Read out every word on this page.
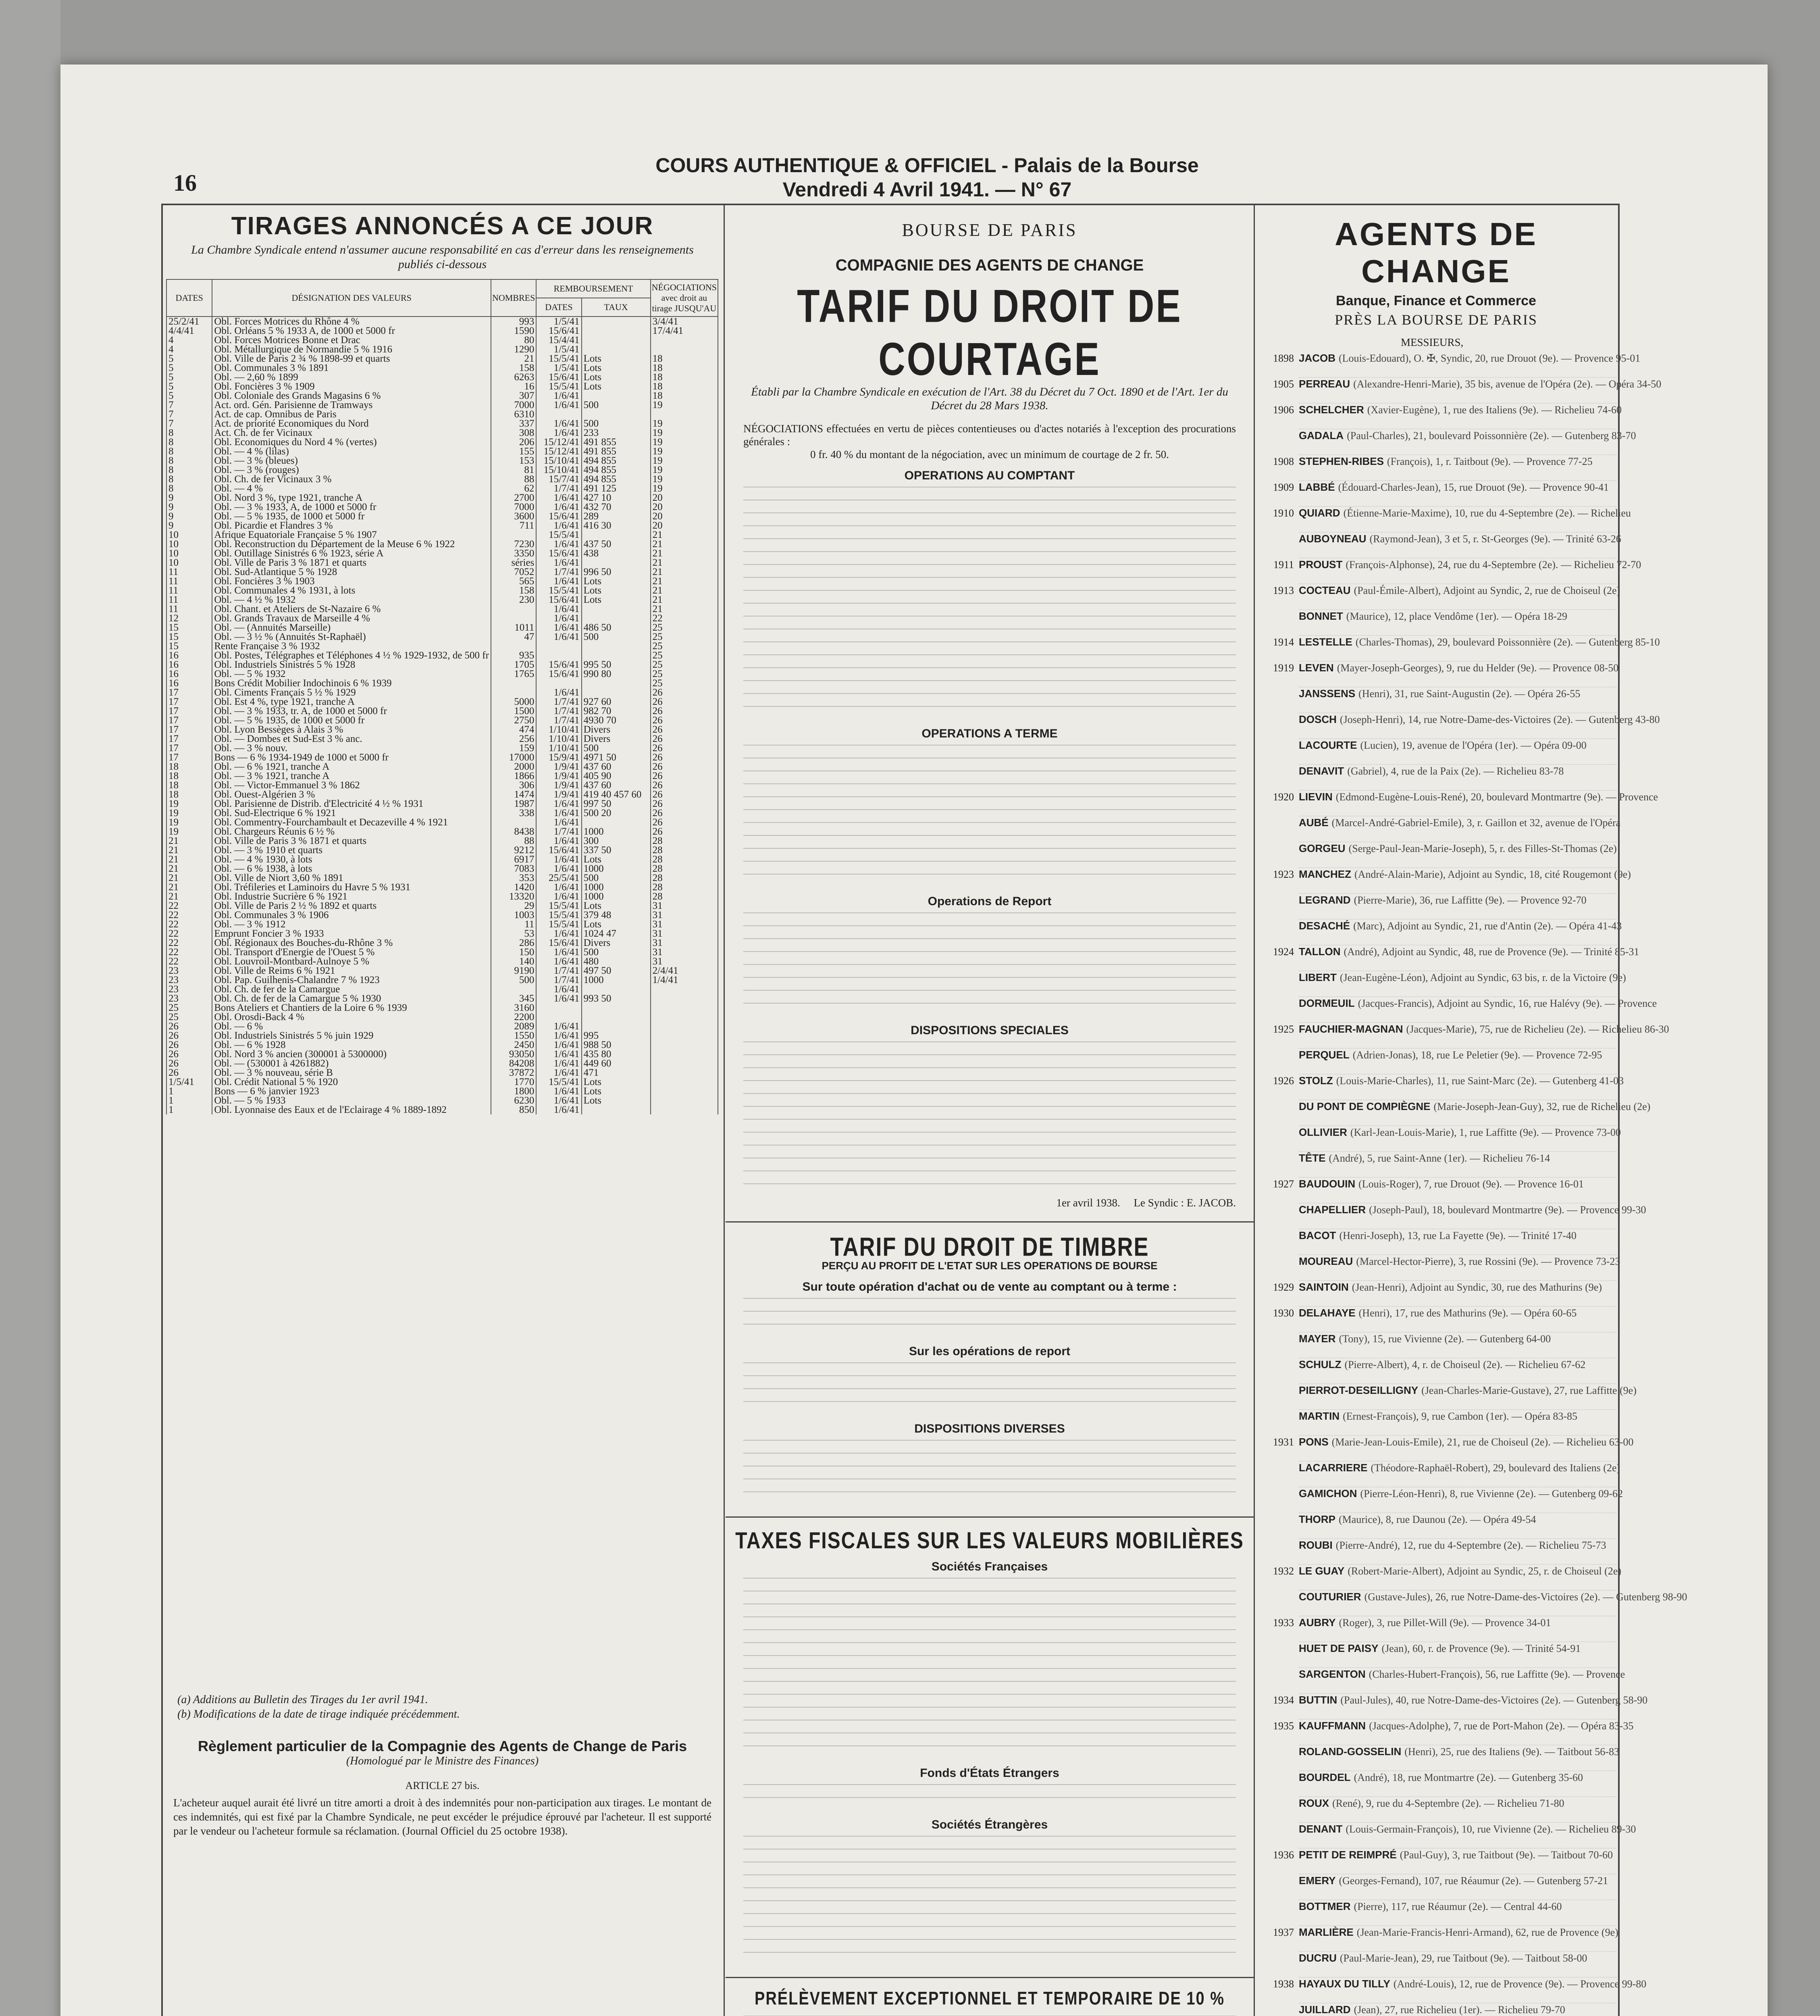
16
COURS AUTHENTIQUE & OFFICIEL - Palais de la Bourse
Vendredi 4 Avril 1941. — N° 67
TIRAGES ANNONCÉS A CE JOUR
La Chambre Syndicale entend n'assumer aucune responsabilité en cas d'erreur dans les renseignements publiés ci-dessous
DATES	DÉSIGNATION DES VALEURS	NOMBRES	REMBOURSEMENT		NÉGOCIATIONS avec droit au tirage JUSQU'AU
			DATES	TAUX	
25/2/41	Obl. Forces Motrices du Rhône 4 %	993	1/5/41		3/4/41
4/4/41	Obl. Orléans 5 % 1933 A, de 1000 et 5000 fr	1590	15/6/41		17/4/41
4	Obl. Forces Motrices Bonne et Drac	80	15/4/41		
4	Obl. Métallurgique de Normandie 5 % 1916	1290	1/5/41		
5	Obl. Ville de Paris 2 ¾ % 1898-99 et quarts	21	15/5/41	Lots	18
5	Obl. Communales 3 % 1891	158	1/5/41	Lots	18
5	Obl. — 2,60 % 1899	6263	15/6/41	Lots	18
5	Obl. Foncières 3 % 1909	16	15/5/41	Lots	18
5	Obl. Coloniale des Grands Magasins 6 %	307	1/6/41		18
7	Act. ord. Gén. Parisienne de Tramways	7000	1/6/41	500	19
7	Act. de cap. Omnibus de Paris	6310			
7	Act. de priorité Economiques du Nord	337	1/6/41	500	19
8	Act. Ch. de fer Vicinaux	308	1/6/41	233	19
8	Obl. Economiques du Nord 4 % (vertes)	206	15/12/41	491 855	19
8	Obl. — 4 % (lilas)	155	15/12/41	491 855	19
8	Obl. — 3 % (bleues)	153	15/10/41	494 855	19
8	Obl. — 3 % (rouges)	81	15/10/41	494 855	19
8	Obl. Ch. de fer Vicinaux 3 %	88	15/7/41	494 855	19
8	Obl. — 4 %	62	1/7/41	491 125	19
9	Obl. Nord 3 %, type 1921, tranche A	2700	1/6/41	427 10	20
9	Obl. — 3 % 1933, A, de 1000 et 5000 fr	7000	1/6/41	432 70	20
9	Obl. — 5 % 1935, de 1000 et 5000 fr	3600	15/6/41	289	20
9	Obl. Picardie et Flandres 3 %	711	1/6/41	416 30	20
10	Afrique Equatoriale Française 5 % 1907		15/5/41		21
10	Obl. Reconstruction du Département de la Meuse 6 % 1922	7230	1/6/41	437 50	21
10	Obl. Outillage Sinistrés 6 % 1923, série A	3350	15/6/41	438	21
10	Obl. Ville de Paris 3 % 1871 et quarts	séries	1/6/41		21
11	Obl. Sud-Atlantique 5 % 1928	7052	1/7/41	996 50	21
11	Obl. Foncières 3 % 1903	565	1/6/41	Lots	21
11	Obl. Communales 4 % 1931, à lots	158	15/5/41	Lots	21
11	Obl. — 4 ½ % 1932	230	15/6/41	Lots	21
11	Obl. Chant. et Ateliers de St-Nazaire 6 %		1/6/41		21
12	Obl. Grands Travaux de Marseille 4 %		1/6/41		22
15	Obl. — (Annuités Marseille)	1011	1/6/41	486 50	25
15	Obl. — 3 ½ % (Annuités St-Raphaël)	47	1/6/41	500	25
15	Rente Française 3 % 1932				25
16	Obl. Postes, Télégraphes et Téléphones 4 ½ % 1929-1932, de 500 fr	935			25
16	Obl. Industriels Sinistrés 5 % 1928	1705	15/6/41	995 50	25
16	Obl. — 5 % 1932	1765	15/6/41	990 80	25
16	Bons Crédit Mobilier Indochinois 6 % 1939				25
17	Obl. Ciments Français 5 ½ % 1929		1/6/41		26
17	Obl. Est 4 %, type 1921, tranche A	5000	1/7/41	927 60	26
17	Obl. — 3 % 1933, tr. A, de 1000 et 5000 fr	1500	1/7/41	982 70	26
17	Obl. — 5 % 1935, de 1000 et 5000 fr	2750	1/7/41	4930 70	26
17	Obl. Lyon Bessèges à Alais 3 %	474	1/10/41	Divers	26
17	Obl. — Dombes et Sud-Est 3 % anc.	256	1/10/41	Divers	26
17	Obl. — 3 % nouv.	159	1/10/41	500	26
17	Bons — 6 % 1934-1949 de 1000 et 5000 fr	17000	15/9/41	4971 50	26
18	Obl. — 6 % 1921, tranche A	2000	1/9/41	437 60	26
18	Obl. — 3 % 1921, tranche A	1866	1/9/41	405 90	26
18	Obl. — Victor-Emmanuel 3 % 1862	306	1/9/41	437 60	26
18	Obl. Ouest-Algérien 3 %	1474	1/9/41	419 40 457 60	26
19	Obl. Parisienne de Distrib. d'Electricité 4 ½ % 1931	1987	1/6/41	997 50	26
19	Obl. Sud-Electrique 6 % 1921	338	1/6/41	500 20	26
19	Obl. Commentry-Fourchambault et Decazeville 4 % 1921		1/6/41		26
19	Obl. Chargeurs Réunis 6 ½ %	8438	1/7/41	1000	26
21	Obl. Ville de Paris 3 % 1871 et quarts	88	1/6/41	300	28
21	Obl. — 3 % 1910 et quarts	9212	15/6/41	337 50	28
21	Obl. — 4 % 1930, à lots	6917	1/6/41	Lots	28
21	Obl. — 6 % 1938, à lots	7083	1/6/41	1000	28
21	Obl. Ville de Niort 3,60 % 1891	353	25/5/41	500	28
21	Obl. Tréfileries et Laminoirs du Havre 5 % 1931	1420	1/6/41	1000	28
21	Obl. Industrie Sucrière 6 % 1921	13320	1/6/41	1000	28
22	Obl. Ville de Paris 2 ½ % 1892 et quarts	29	15/5/41	Lots	31
22	Obl. Communales 3 % 1906	1003	15/5/41	379 48	31
22	Obl. — 3 % 1912	11	15/5/41	Lots	31
22	Emprunt Foncier 3 % 1933	53	1/6/41	1024 47	31
22	Obl. Régionaux des Bouches-du-Rhône 3 %	286	15/6/41	Divers	31
22	Obl. Transport d'Energie de l'Ouest 5 %	150	1/6/41	500	31
22	Obl. Louvroil-Montbard-Aulnoye 5 %	140	1/6/41	480	31
23	Obl. Ville de Reims 6 % 1921	9190	1/7/41	497 50	2/4/41
23	Obl. Pap. Guilhenis-Chalandre 7 % 1923	500	1/7/41	1000	1/4/41
23	Obl. Ch. de fer de la Camargue		1/6/41		
23	Obl. Ch. de fer de la Camargue 5 % 1930	345	1/6/41	993 50	
25	Bons Ateliers et Chantiers de la Loire 6 % 1939	3160			
25	Obl. Orosdi-Back 4 %	2200			
26	Obl. — 6 %	2089	1/6/41		
26	Obl. Industriels Sinistrés 5 % juin 1929	1550	1/6/41	995	
26	Obl. — 6 % 1928	2450	1/6/41	988 50	
26	Obl. Nord 3 % ancien (300001 à 5300000)	93050	1/6/41	435 80	
26	Obl. — (530001 à 4261882)	84208	1/6/41	449 60	
26	Obl. — 3 % nouveau, série B	37872	1/6/41	471	
1/5/41	Obl. Crédit National 5 % 1920	1770	15/5/41	Lots	
1	Bons — 6 % janvier 1923	1800	1/6/41	Lots	
1	Obl. — 5 % 1933	6230	1/6/41	Lots	
1	Obl. Lyonnaise des Eaux et de l'Eclairage 4 % 1889-1892	850	1/6/41		
(a) Additions au Bulletin des Tirages du 1er avril 1941.
(b) Modifications de la date de tirage indiquée précédemment.
Règlement particulier de la Compagnie des Agents de Change de Paris
(Homologué par le Ministre des Finances)
ARTICLE 27 bis.
L'acheteur auquel aurait été livré un titre amorti a droit à des indemnités pour non-participation aux tirages. Le montant de ces indemnités, qui est fixé par la Chambre Syndicale, ne peut excéder le préjudice éprouvé par l'acheteur. Il est supporté par le vendeur ou l'acheteur formule sa réclamation. (Journal Officiel du 25 octobre 1938).
BOURSE DE PARIS
COMPAGNIE DES AGENTS DE CHANGE
TARIF DU DROIT DE COURTAGE
Établi par la Chambre Syndicale en exécution de l'Art. 38 du Décret du 7 Oct. 1890 et de l'Art. 1er du Décret du 28 Mars 1938.
NÉGOCIATIONS effectuées en vertu de pièces contentieuses ou d'actes notariés à l'exception des procurations générales :
0 fr. 40 % du montant de la négociation, avec un minimum de courtage de 2 fr. 50.
OPERATIONS AU COMPTANT
OPERATIONS A TERME
Operations de Report
DISPOSITIONS SPECIALES
1er avril 1938. Le Syndic : E. JACOB.
TARIF DU DROIT DE TIMBRE
PERÇU AU PROFIT DE L'ETAT SUR LES OPERATIONS DE BOURSE
Sur toute opération d'achat ou de vente au comptant ou à terme :
Sur les opérations de report
DISPOSITIONS DIVERSES
TAXES FISCALES SUR LES VALEURS MOBILIÈRES
Sociétés Françaises
Fonds d'États Étrangers
Sociétés Étrangères
PRÉLÈVEMENT EXCEPTIONNEL ET TEMPORAIRE DE 10 %
AGENTS DE CHANGE
Banque, Finance et Commerce
PRÈS LA BOURSE DE PARIS
MESSIEURS,
1898 JACOB (Louis-Edouard), O. ✠, Syndic, 20, rue Drouot (9e). — Provence 95-01
1905 PERREAU (Alexandre-Henri-Marie), 35 bis, avenue de l'Opéra (2e). — Opéra 34-50
1906 SCHELCHER (Xavier-Eugène), 1, rue des Italiens (9e). — Richelieu 74-60
GADALA (Paul-Charles), 21, boulevard Poissonnière (2e). — Gutenberg 83-70
1908 STEPHEN-RIBES (François), 1, r. Taitbout (9e). — Provence 77-25
1909 LABBÉ (Édouard-Charles-Jean), 15, rue Drouot (9e). — Provence 90-41
1910 QUIARD (Étienne-Marie-Maxime), 10, rue du 4-Septembre (2e). — Richelieu
AUBOYNEAU (Raymond-Jean), 3 et 5, r. St-Georges (9e). — Trinité 63-26
1911 PROUST (François-Alphonse), 24, rue du 4-Septembre (2e). — Richelieu 72-70
1913 COCTEAU (Paul-Émile-Albert), Adjoint au Syndic, 2, rue de Choiseul (2e)
BONNET (Maurice), 12, place Vendôme (1er). — Opéra 18-29
1914 LESTELLE (Charles-Thomas), 29, boulevard Poissonnière (2e). — Gutenberg 85-10
1919 LEVEN (Mayer-Joseph-Georges), 9, rue du Helder (9e). — Provence 08-50
JANSSENS (Henri), 31, rue Saint-Augustin (2e). — Opéra 26-55
DOSCH (Joseph-Henri), 14, rue Notre-Dame-des-Victoires (2e). — Gutenberg 43-80
LACOURTE (Lucien), 19, avenue de l'Opéra (1er). — Opéra 09-00
DENAVIT (Gabriel), 4, rue de la Paix (2e). — Richelieu 83-78
1920 LIEVIN (Edmond-Eugène-Louis-René), 20, boulevard Montmartre (9e). — Provence
AUBÉ (Marcel-André-Gabriel-Emile), 3, r. Gaillon et 32, avenue de l'Opéra
GORGEU (Serge-Paul-Jean-Marie-Joseph), 5, r. des Filles-St-Thomas (2e)
1923 MANCHEZ (André-Alain-Marie), Adjoint au Syndic, 18, cité Rougemont (9e)
LEGRAND (Pierre-Marie), 36, rue Laffitte (9e). — Provence 92-70
DESACHÉ (Marc), Adjoint au Syndic, 21, rue d'Antin (2e). — Opéra 41-43
1924 TALLON (André), Adjoint au Syndic, 48, rue de Provence (9e). — Trinité 85-31
LIBERT (Jean-Eugène-Léon), Adjoint au Syndic, 63 bis, r. de la Victoire (9e)
DORMEUIL (Jacques-Francis), Adjoint au Syndic, 16, rue Halévy (9e). — Provence
1925 FAUCHIER-MAGNAN (Jacques-Marie), 75, rue de Richelieu (2e). — Richelieu 86-30
PERQUEL (Adrien-Jonas), 18, rue Le Peletier (9e). — Provence 72-95
1926 STOLZ (Louis-Marie-Charles), 11, rue Saint-Marc (2e). — Gutenberg 41-03
DU PONT DE COMPIÈGNE (Marie-Joseph-Jean-Guy), 32, rue de Richelieu (2e)
OLLIVIER (Karl-Jean-Louis-Marie), 1, rue Laffitte (9e). — Provence 73-00
TÊTE (André), 5, rue Saint-Anne (1er). — Richelieu 76-14
1927 BAUDOUIN (Louis-Roger), 7, rue Drouot (9e). — Provence 16-01
CHAPELLIER (Joseph-Paul), 18, boulevard Montmartre (9e). — Provence 99-30
BACOT (Henri-Joseph), 13, rue La Fayette (9e). — Trinité 17-40
MOUREAU (Marcel-Hector-Pierre), 3, rue Rossini (9e). — Provence 73-23
1929 SAINTOIN (Jean-Henri), Adjoint au Syndic, 30, rue des Mathurins (9e)
1930 DELAHAYE (Henri), 17, rue des Mathurins (9e). — Opéra 60-65
MAYER (Tony), 15, rue Vivienne (2e). — Gutenberg 64-00
SCHULZ (Pierre-Albert), 4, r. de Choiseul (2e). — Richelieu 67-62
PIERROT-DESEILLIGNY (Jean-Charles-Marie-Gustave), 27, rue Laffitte (9e)
MARTIN (Ernest-François), 9, rue Cambon (1er). — Opéra 83-85
1931 PONS (Marie-Jean-Louis-Emile), 21, rue de Choiseul (2e). — Richelieu 63-00
LACARRIERE (Théodore-Raphaël-Robert), 29, boulevard des Italiens (2e)
GAMICHON (Pierre-Léon-Henri), 8, rue Vivienne (2e). — Gutenberg 09-62
THORP (Maurice), 8, rue Daunou (2e). — Opéra 49-54
ROUBI (Pierre-André), 12, rue du 4-Septembre (2e). — Richelieu 75-73
1932 LE GUAY (Robert-Marie-Albert), Adjoint au Syndic, 25, r. de Choiseul (2e)
COUTURIER (Gustave-Jules), 26, rue Notre-Dame-des-Victoires (2e). — Gutenberg 98-90
1933 AUBRY (Roger), 3, rue Pillet-Will (9e). — Provence 34-01
HUET DE PAISY (Jean), 60, r. de Provence (9e). — Trinité 54-91
SARGENTON (Charles-Hubert-François), 56, rue Laffitte (9e). — Provence
1934 BUTTIN (Paul-Jules), 40, rue Notre-Dame-des-Victoires (2e). — Gutenberg 58-90
1935 KAUFFMANN (Jacques-Adolphe), 7, rue de Port-Mahon (2e). — Opéra 83-35
ROLAND-GOSSELIN (Henri), 25, rue des Italiens (9e). — Taitbout 56-83
BOURDEL (André), 18, rue Montmartre (2e). — Gutenberg 35-60
ROUX (René), 9, rue du 4-Septembre (2e). — Richelieu 71-80
DENANT (Louis-Germain-François), 10, rue Vivienne (2e). — Richelieu 89-30
1936 PETIT DE REIMPRÉ (Paul-Guy), 3, rue Taitbout (9e). — Taitbout 70-60
EMERY (Georges-Fernand), 107, rue Réaumur (2e). — Gutenberg 57-21
BOTTMER (Pierre), 117, rue Réaumur (2e). — Central 44-60
1937 MARLIÈRE (Jean-Marie-Francis-Henri-Armand), 62, rue de Provence (9e)
DUCRU (Paul-Marie-Jean), 29, rue Taitbout (9e). — Taitbout 58-00
1938 HAYAUX DU TILLY (André-Louis), 12, rue de Provence (9e). — Provence 99-80
JUILLARD (Jean), 27, rue Richelieu (1er). — Richelieu 79-70
